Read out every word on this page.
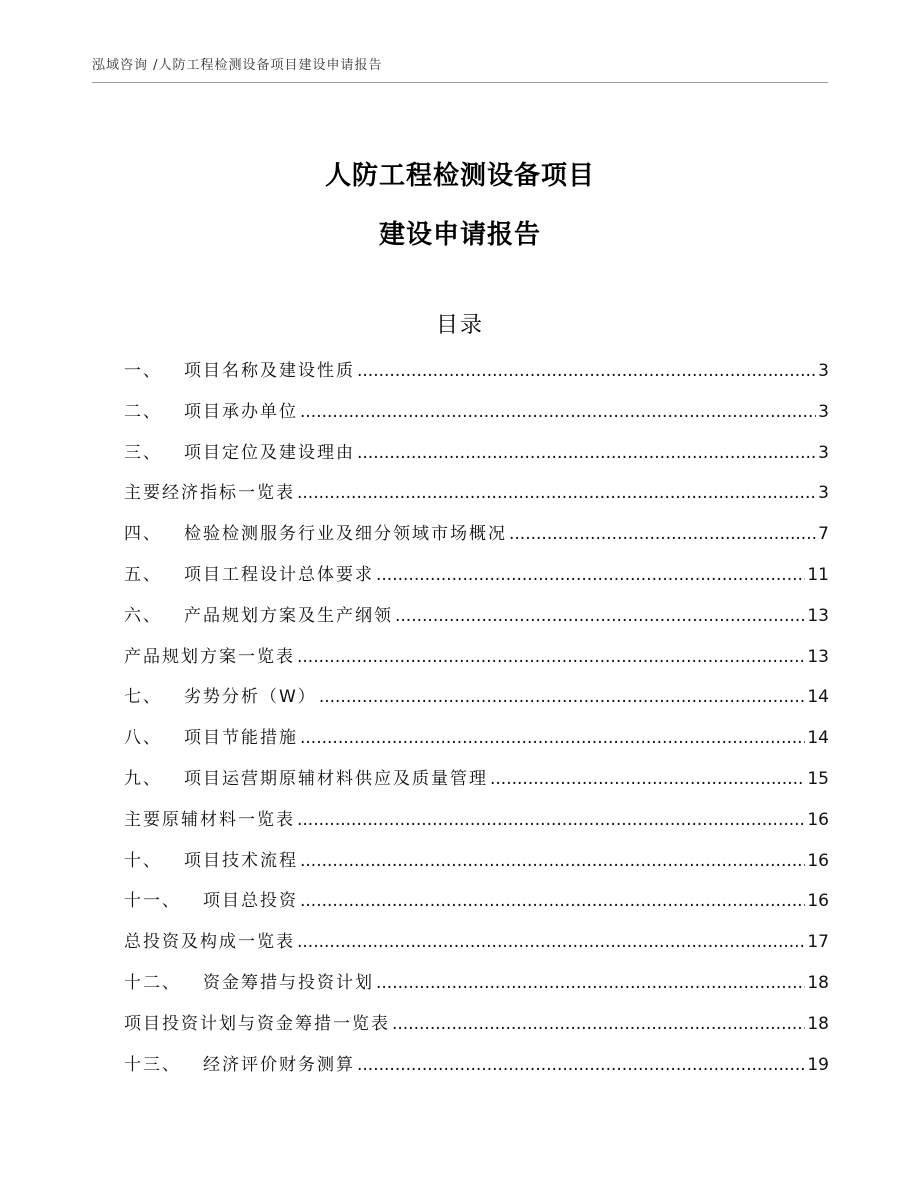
泓域咨询 /人防工程检测设备项目建设申请报告
人防工程检测设备项目
建设申请报告
目录
一、 项目名称及建设性质 .....	3
二、 项目承办单位 .....	3
三、 项目定位及建设理由 .....	3
主要经济指标一览表 .....	3
四、 检验检测服务行业及细分领域市场概况 .....	7
五、 项目工程设计总体要求 .....	11
六、 产品规划方案及生产纲领 .....	13
产品规划方案一览表 .....	13
七、 劣势分析（W） .....	14
八、 项目节能措施 .....	14
九、 项目运营期原辅材料供应及质量管理 .....	15
主要原辅材料一览表 .....	16
十、 项目技术流程 .....	16
十一、 项目总投资 .....	16
总投资及构成一览表 .....	17
十二、 资金筹措与投资计划 .....	18
项目投资计划与资金筹措一览表 .....	18
十三、 经济评价财务测算 .....	19
